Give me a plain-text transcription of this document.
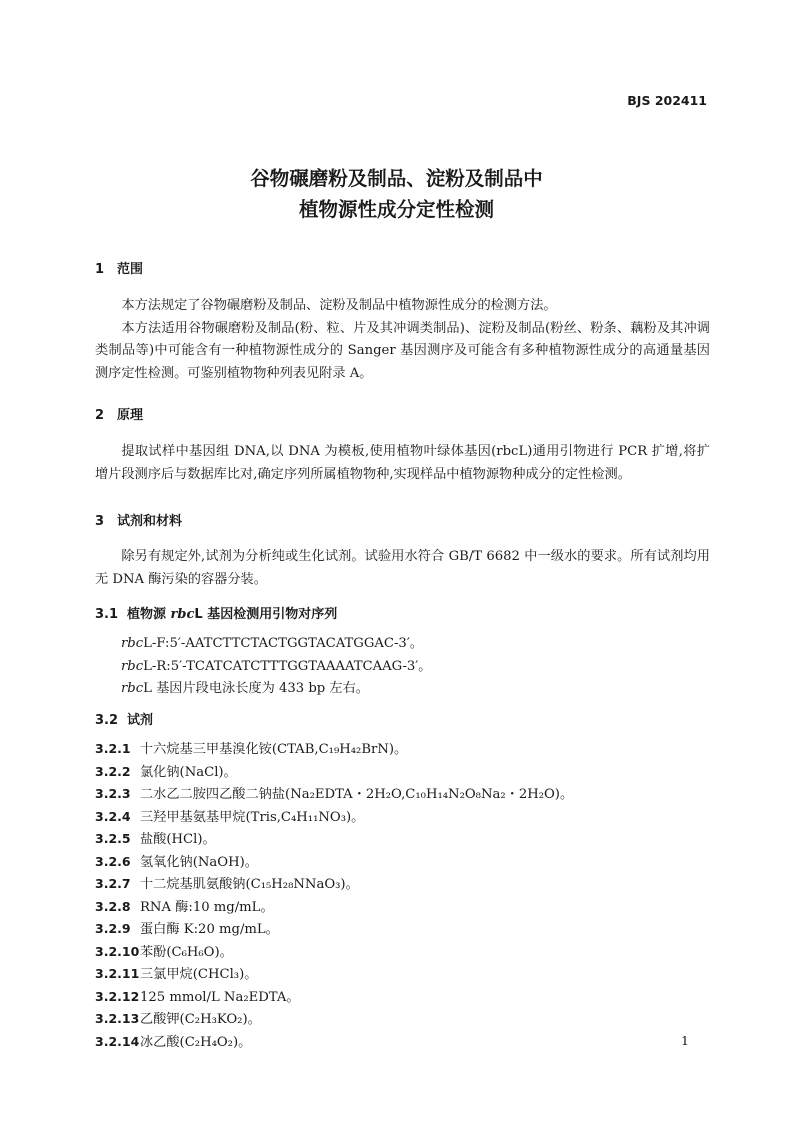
BJS 202411
谷物碾磨粉及制品、淀粉及制品中
植物源性成分定性检测
1 范围

本方法规定了谷物碾磨粉及制品、淀粉及制品中植物源性成分的检测方法。

本方法适用谷物碾磨粉及制品(粉、粒、片及其冲调类制品)、淀粉及制品(粉丝、粉条、藕粉及其冲调类制品等)中可能含有一种植物源性成分的 Sanger 基因测序及可能含有多种植物源性成分的高通量基因测序定性检测。可鉴别植物物种列表见附录 A。

2 原理

提取试样中基因组 DNA,以 DNA 为模板,使用植物叶绿体基因(rbcL)通用引物进行 PCR 扩增,将扩增片段测序后与数据库比对,确定序列所属植物物种,实现样品中植物源物种成分的定性检测。

3 试剂和材料

除另有规定外,试剂为分析纯或生化试剂。试验用水符合 GB/T 6682 中一级水的要求。所有试剂均用无 DNA 酶污染的容器分装。

3.1 植物源 rbcL 基因检测用引物对序列
rbcL-F:5′-AATCTTCTACTGGTACATGGAC-3′。
rbcL-R:5′-TCATCATCTTTGGTAAAATCAAG-3′。
rbcL 基因片段电泳长度为 433 bp 左右。
3.2 试剂
3.2.1 十六烷基三甲基溴化铵(CTAB,C₁₉H₄₂BrN)。
3.2.2 氯化钠(NaCl)。
3.2.3 二水乙二胺四乙酸二钠盐(Na₂EDTA・2H₂O,C₁₀H₁₄N₂O₈Na₂・2H₂O)。
3.2.4 三羟甲基氨基甲烷(Tris,C₄H₁₁NO₃)。
3.2.5 盐酸(HCl)。
3.2.6 氢氧化钠(NaOH)。
3.2.7 十二烷基肌氨酸钠(C₁₅H₂₈NNaO₃)。
3.2.8 RNA 酶:10 mg/mL。
3.2.9 蛋白酶 K:20 mg/mL。
3.2.10苯酚(C₆H₆O)。
3.2.11三氯甲烷(CHCl₃)。
3.2.12125 mmol/L Na₂EDTA。
3.2.13乙酸钾(C₂H₃KO₂)。
3.2.14冰乙酸(C₂H₄O₂)。	1
